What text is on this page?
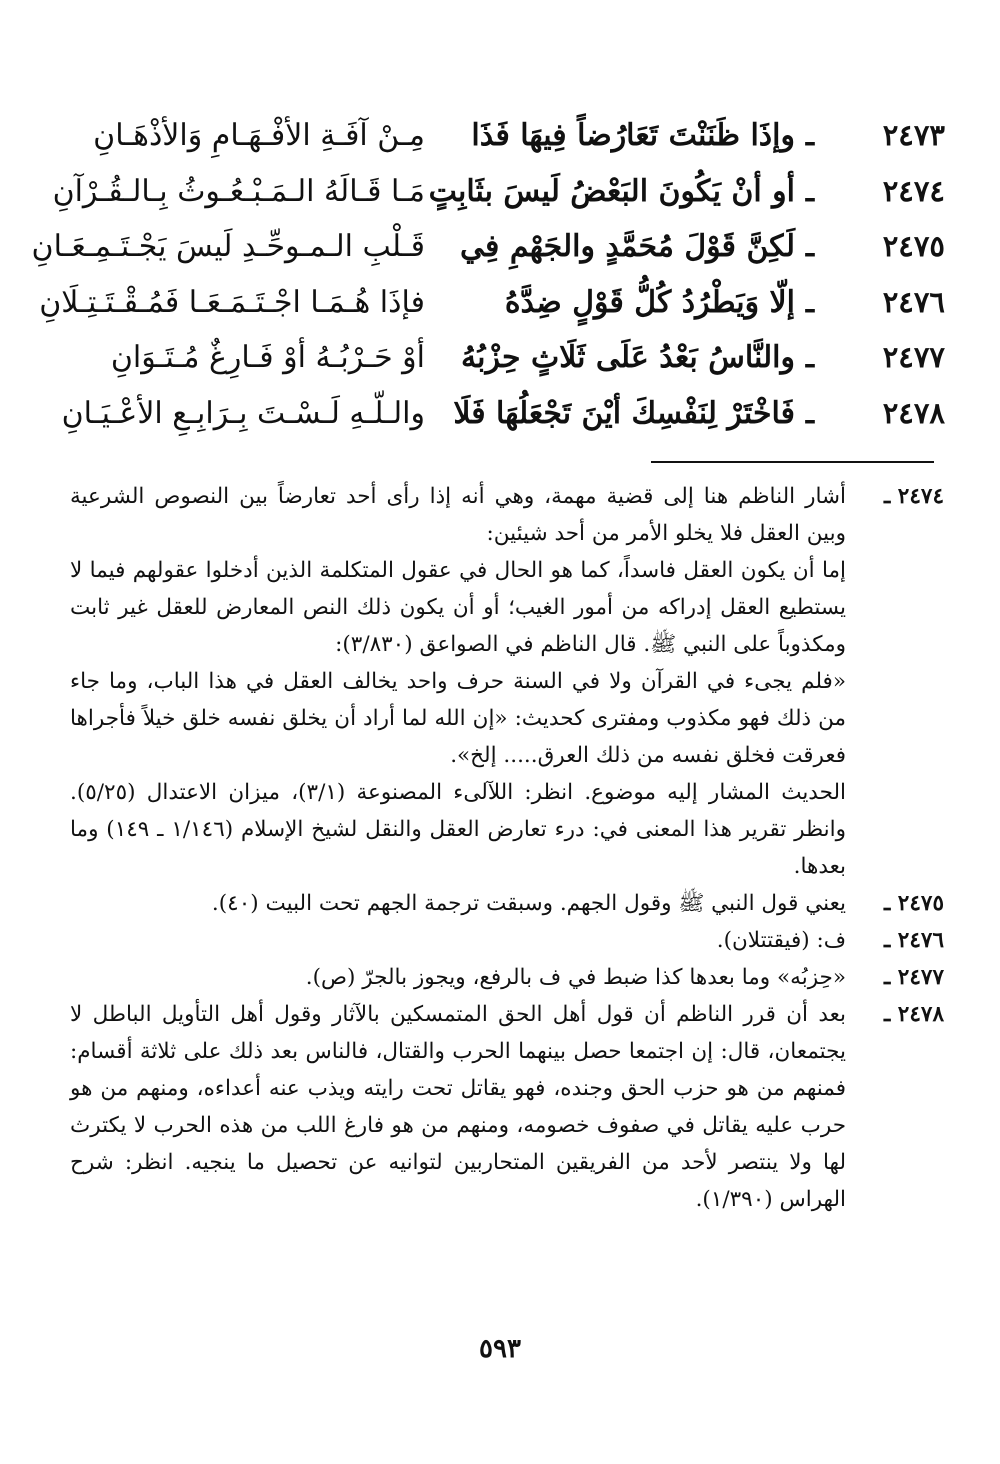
٢٤٧٣
ـ
وإذَا ظَنَنْتَ تَعَارُضاً فِيهَا فَذَا
مِـنْ آفَـةِ الأفْـهَـامِ وَالأذْهَـانِ
٢٤٧٤
ـ
أو أنْ يَكُونَ البَعْضُ لَيسَ بثَابِتٍ
مَـا قَـالَهُ الـمَـبْـعُـوثُ بِـالـقُـرْآنِ
٢٤٧٥
ـ
لَكِنَّ قَوْلَ مُحَمَّدٍ والجَهْمِ فِي
قَـلْبِ الـمـوحِّـدِ لَيسَ يَجْـتَـمِـعَـانِ
٢٤٧٦
ـ
إلّا وَيَطْرُدُ كُلُّ قَوْلٍ ضِدَّهُ
فإذَا هُـمَـا اجْـتَـمَـعَـا فَمُـقْـتَـتِـلَانِ
٢٤٧٧
ـ
والنَّاسُ بَعْدُ عَلَى ثَلَاثٍ حِزْبُهُ
أوْ حَـرْبُـهُ أوْ فَـارِغٌ مُـتَـوَانِ
٢٤٧٨
ـ
فَاخْتَرْ لِنَفْسِكَ أيْنَ تَجْعَلُهَا فَلَا
والـلّـهِ لَـسْـتَ بِـرَابِـعِ الأعْـيَـانِ
٢٤٧٤ ـ

أشار الناظم هنا إلى قضية مهمة، وهي أنه إذا رأى أحد تعارضاً بين النصوص الشرعية وبين العقل فلا يخلو الأمر من أحد شيئين:

إما أن يكون العقل فاسداً، كما هو الحال في عقول المتكلمة الذين أدخلوا عقولهم فيما لا يستطيع العقل إدراكه من أمور الغيب؛ أو أن يكون ذلك النص المعارض للعقل غير ثابت ومكذوباً على النبي ﷺ. قال الناظم في الصواعق (٣/٨٣٠):

«فلم يجىء في القرآن ولا في السنة حرف واحد يخالف العقل في هذا الباب، وما جاء من ذلك فهو مكذوب ومفترى كحديث: «إن الله لما أراد أن يخلق نفسه خلق خيلاً فأجراها فعرقت فخلق نفسه من ذلك العرق..... إلخ».

الحديث المشار إليه موضوع. انظر: اللآلىء المصنوعة (٣/١)، ميزان الاعتدال (٥/٢٥). وانظر تقرير هذا المعنى في: درء تعارض العقل والنقل لشيخ الإسلام (١/١٤٦ ـ ١٤٩) وما بعدها.

٢٤٧٥ ـ

يعني قول النبي ﷺ وقول الجهم. وسبقت ترجمة الجهم تحت البيت (٤٠).

٢٤٧٦ ـ

ف: (فيقتتلان).

٢٤٧٧ ـ

«حِزبُه» وما بعدها كذا ضبط في ف بالرفع، ويجوز بالجرّ (ص).

٢٤٧٨ ـ

بعد أن قرر الناظم أن قول أهل الحق المتمسكين بالآثار وقول أهل التأويل الباطل لا يجتمعان، قال: إن اجتمعا حصل بينهما الحرب والقتال، فالناس بعد ذلك على ثلاثة أقسام: فمنهم من هو حزب الحق وجنده، فهو يقاتل تحت رايته ويذب عنه أعداءه، ومنهم من هو حرب عليه يقاتل في صفوف خصومه، ومنهم من هو فارغ اللب من هذه الحرب لا يكترث لها ولا ينتصر لأحد من الفريقين المتحاربين لتوانيه عن تحصيل ما ينجيه. انظر: شرح الهراس (١/٣٩٠).

٥٩٣
